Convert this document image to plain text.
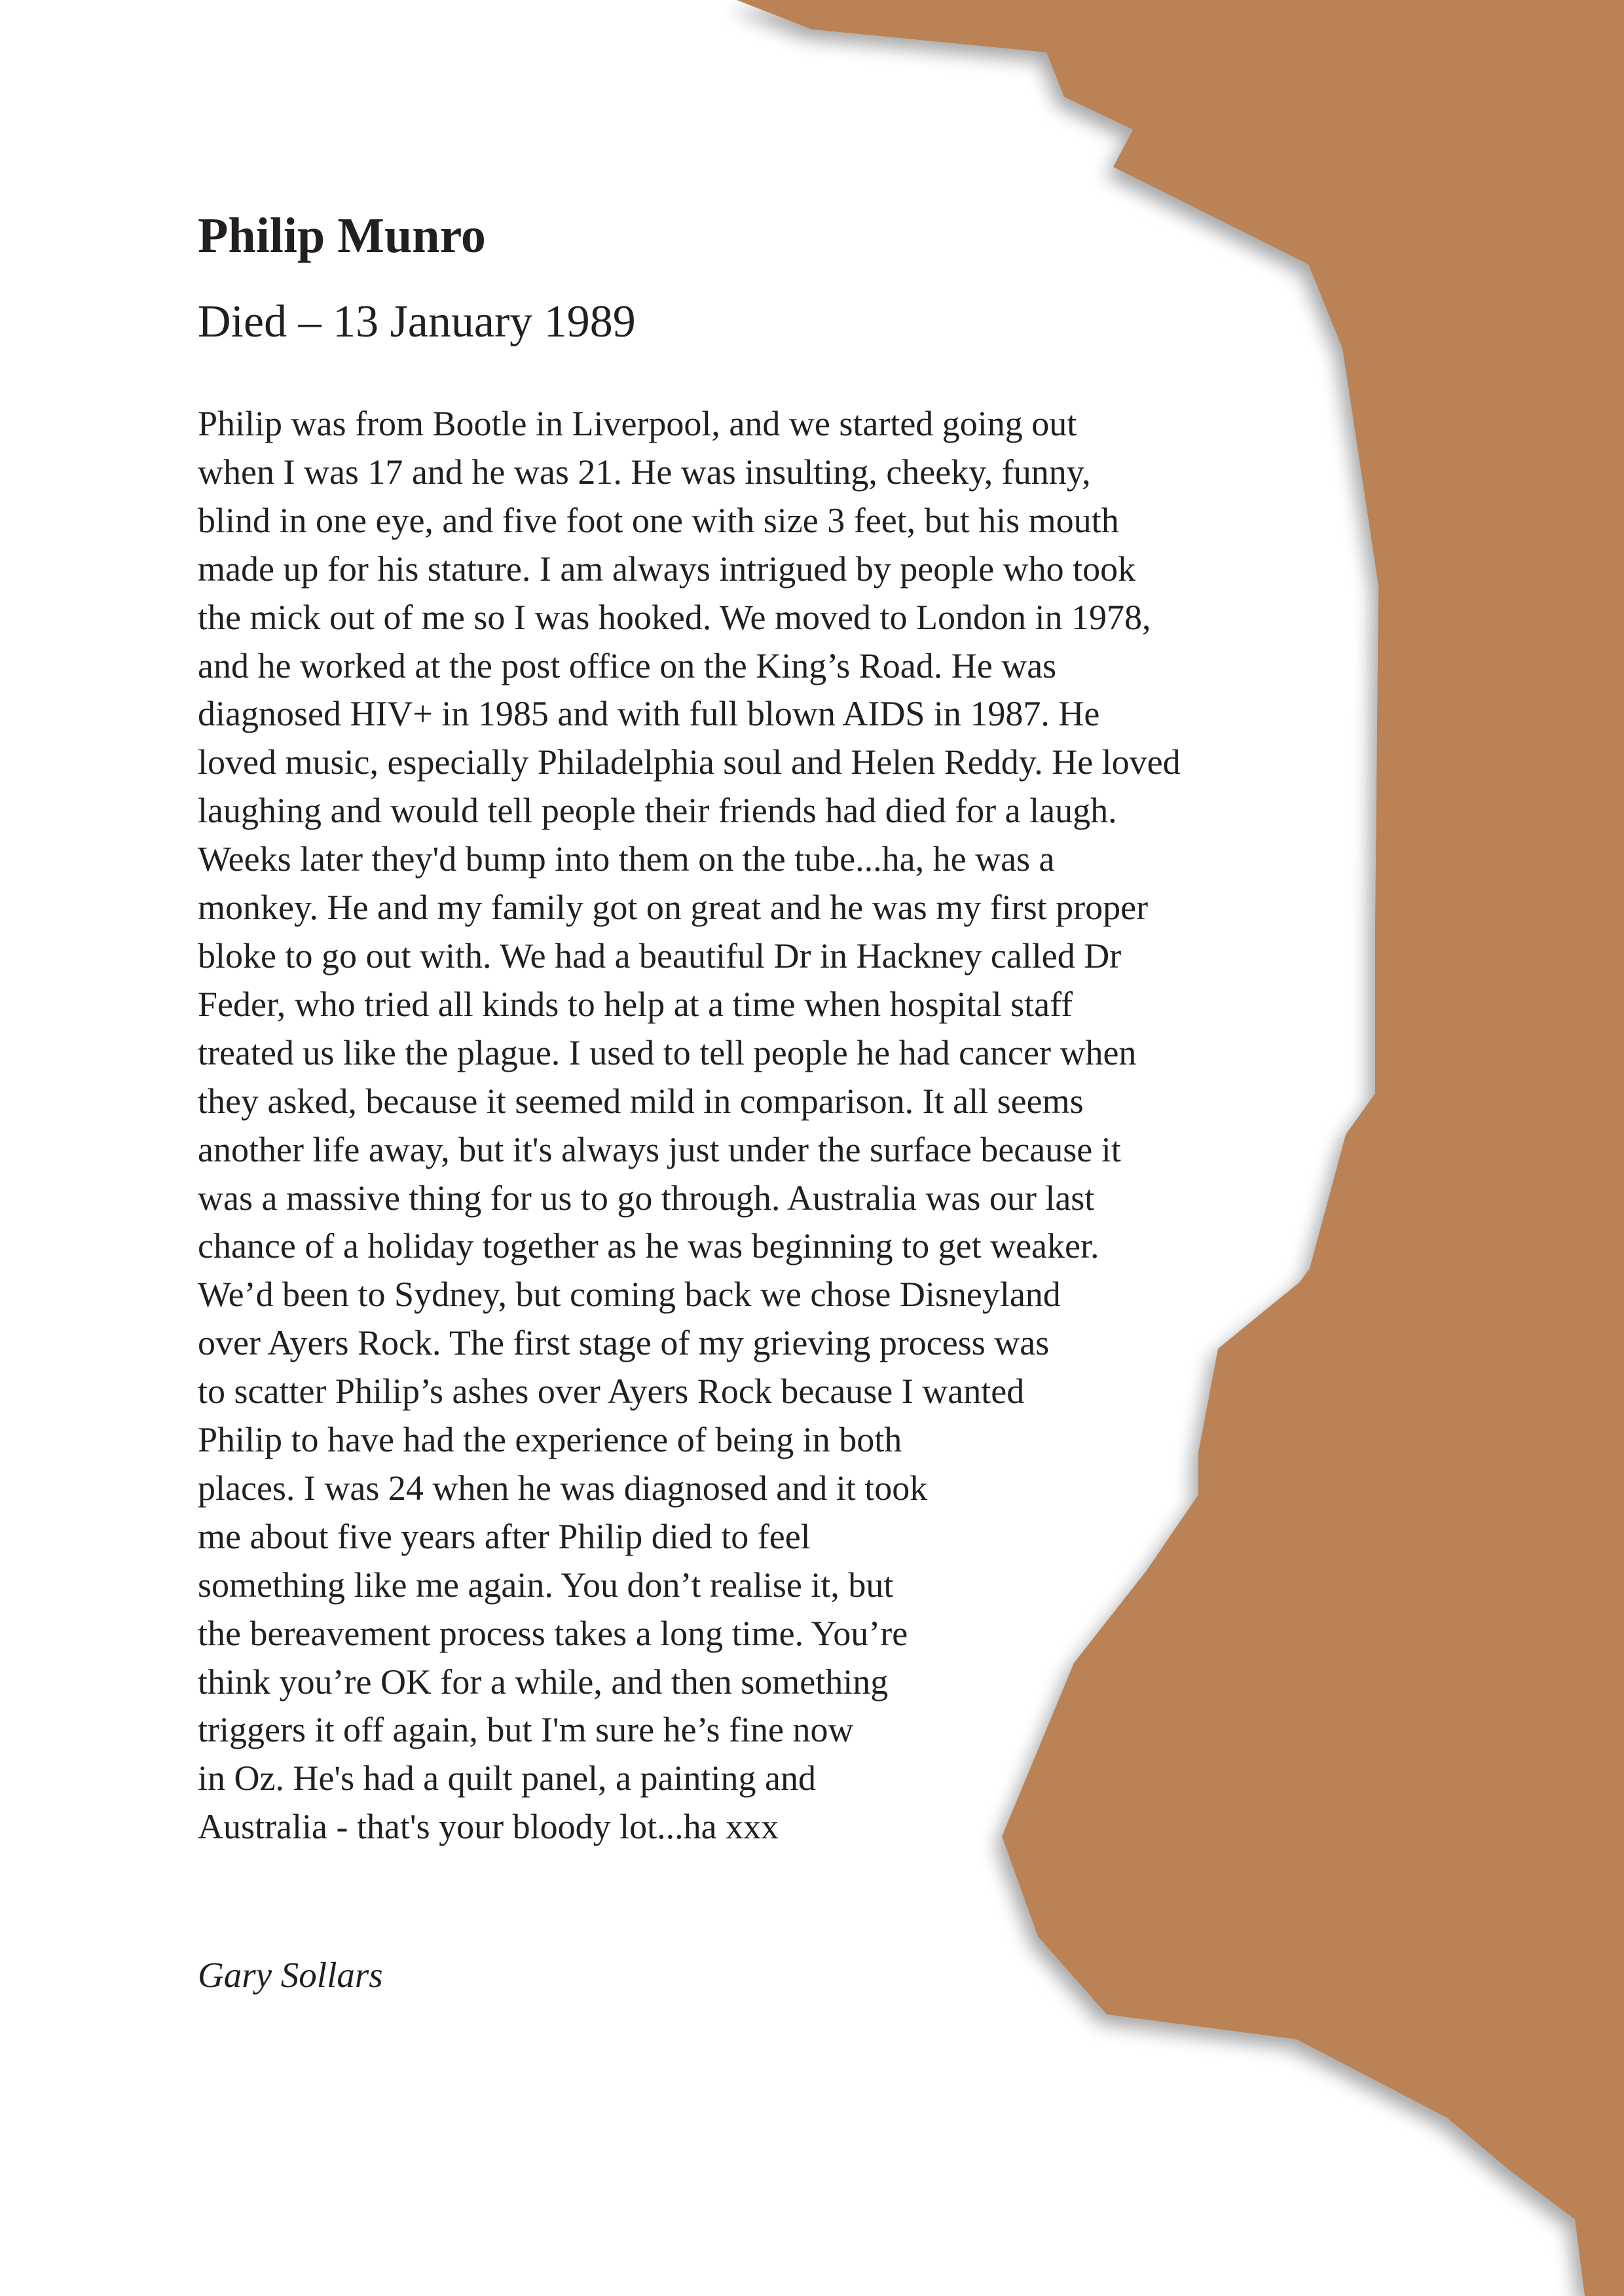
Philip Munro
Died – 13 January 1989
Philip was from Bootle in Liverpool, and we started going out
when I was 17 and he was 21. He was insulting, cheeky, funny,
blind in one eye, and five foot one with size 3 feet, but his mouth
made up for his stature. I am always intrigued by people who took
the mick out of me so I was hooked. We moved to London in 1978,
and he worked at the post office on the King’s Road. He was
diagnosed HIV+ in 1985 and with full blown AIDS in 1987. He
loved music, especially Philadelphia soul and Helen Reddy. He loved
laughing and would tell people their friends had died for a laugh.
Weeks later they'd bump into them on the tube...ha, he was a
monkey. He and my family got on great and he was my first proper
bloke to go out with. We had a beautiful Dr in Hackney called Dr
Feder, who tried all kinds to help at a time when hospital staff
treated us like the plague. I used to tell people he had cancer when
they asked, because it seemed mild in comparison. It all seems
another life away, but it's always just under the surface because it
was a massive thing for us to go through. Australia was our last
chance of a holiday together as he was beginning to get weaker.
We’d been to Sydney, but coming back we chose Disneyland
over Ayers Rock. The first stage of my grieving process was
to scatter Philip’s ashes over Ayers Rock because I wanted
Philip to have had the experience of being in both
places. I was 24 when he was diagnosed and it took
me about five years after Philip died to feel
something like me again. You don’t realise it, but
the bereavement process takes a long time. You’re
think you’re OK for a while, and then something
triggers it off again, but I'm sure he’s fine now
in Oz. He's had a quilt panel, a painting and
Australia - that's your bloody lot...ha xxx
Gary Sollars
